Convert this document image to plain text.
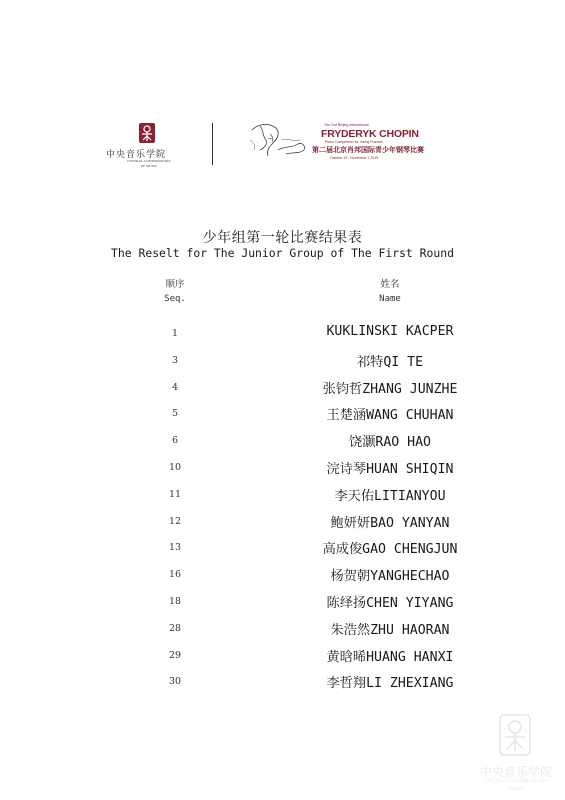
中央音乐学院
CENTRAL CONSERVATORY
OF MUSIC
The 2nd Beijing International
FRYDERYK CHOPIN
Piano Competition for Young Pianists
第二届北京肖邦国际青少年钢琴比赛
October 19 - November 1 2019
少年组第一轮比赛结果表
The Reselt for The Junior Group of The First Round
顺序
Seq.
姓名
Name
1	KUKLINSKI KACPER
3	祁特QI TE
4	张钧哲ZHANG JUNZHE
5	王楚涵WANG CHUHAN
6	饶灏RAO HAO
10	浣诗琴HUAN SHIQIN
11	李天佑LITIANYOU
12	鲍妍妍BAO YANYAN
13	高成俊GAO CHENGJUN
16	杨贺朝YANGHECHAO
18	陈绎扬CHEN YIYANG
28	朱浩然ZHU HAORAN
29	黄晗晞HUANG HANXI
30	李哲翔LI ZHEXIANG
中央音乐学院
CENTRAL CONSERVATORY
OF MUSIC
